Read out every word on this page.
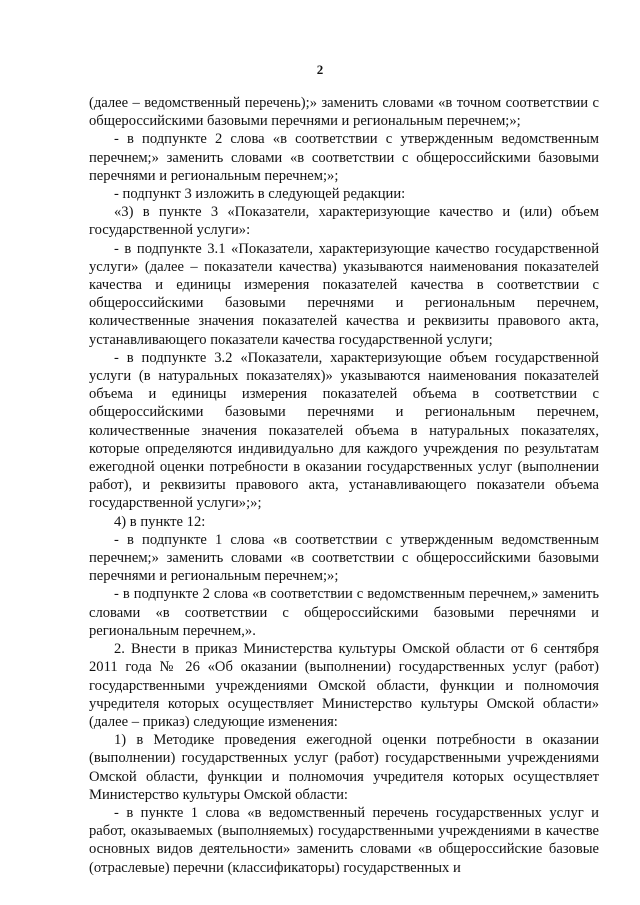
2

(далее – ведомственный перечень);» заменить словами «в точном соответствии с общероссийскими базовыми перечнями и региональным перечнем;»;

- в подпункте 2 слова «в соответствии с утвержденным ведомственным перечнем;» заменить словами «в соответствии с общероссийскими базовыми перечнями и региональным перечнем;»;

- подпункт 3 изложить в следующей редакции:

«3) в пункте 3 «Показатели, характеризующие качество и (или) объем государственной услуги»:

- в подпункте 3.1 «Показатели, характеризующие качество государственной услуги» (далее – показатели качества) указываются наименования показателей качества и единицы измерения показателей качества в соответствии с общероссийскими базовыми перечнями и региональным перечнем, количественные значения показателей качества и реквизиты правового акта, устанавливающего показатели качества государственной услуги;

- в подпункте 3.2 «Показатели, характеризующие объем государственной услуги (в натуральных показателях)» указываются наименования показателей объема и единицы измерения показателей объема в соответствии с общероссийскими базовыми перечнями и региональным перечнем, количественные значения показателей объема в натуральных показателях, которые определяются индивидуально для каждого учреждения по результатам ежегодной оценки потребности в оказании государственных услуг (выполнении работ), и реквизиты правового акта, устанавливающего показатели объема государственной услуги»;»;

4) в пункте 12:

- в подпункте 1 слова «в соответствии с утвержденным ведомственным перечнем;» заменить словами «в соответствии с общероссийскими базовыми перечнями и региональным перечнем;»;

- в подпункте 2 слова «в соответствии с ведомственным перечнем,» заменить словами «в соответствии с общероссийскими базовыми перечнями и региональным перечнем,».

2. Внести в приказ Министерства культуры Омской области от 6 сентября 2011 года № 26 «Об оказании (выполнении) государственных услуг (работ) государственными учреждениями Омской области, функции и полномочия учредителя которых осуществляет Министерство культуры Омской области» (далее – приказ) следующие изменения:

1) в Методике проведения ежегодной оценки потребности в оказании (выполнении) государственных услуг (работ) государственными учреждениями Омской области, функции и полномочия учредителя которых осуществляет Министерство культуры Омской области:

- в пункте 1 слова «в ведомственный перечень государственных услуг и работ, оказываемых (выполняемых) государственными учреждениями в качестве основных видов деятельности» заменить словами «в общероссийские базовые (отраслевые) перечни (классификаторы) государственных и
